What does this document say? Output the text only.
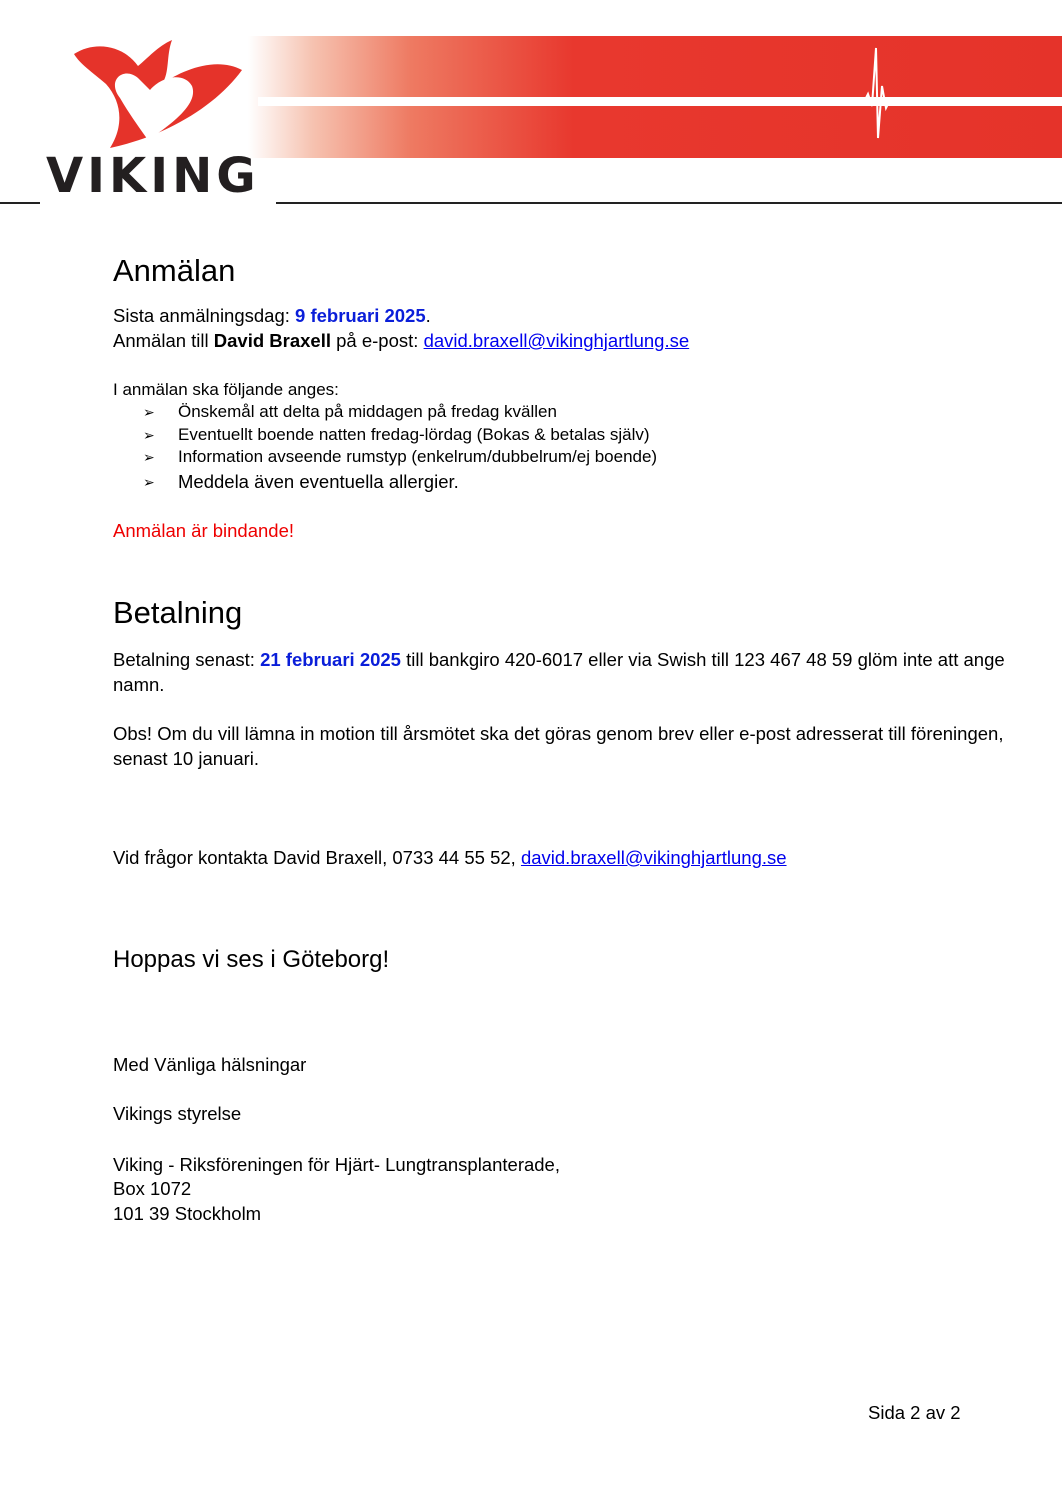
VIKING
Anmälan

Sista anmälningsdag: 9 februari 2025.

Anmälan till David Braxell på e-post: david.braxell@vikinghjartlung.se

I anmälan ska följande anges:

➢ Önskemål att delta på middagen på fredag kvällen
➢ Eventuellt boende natten fredag-lördag (Bokas & betalas själv)
➢ Information avseende rumstyp (enkelrum/dubbelrum/ej boende)
➢ Meddela även eventuella allergier.

Anmälan är bindande!

Betalning

Betalning senast: 21 februari 2025 till bankgiro 420-6017 eller via Swish till 123 467 48 59 glöm inte att ange namn.

Obs! Om du vill lämna in motion till årsmötet ska det göras genom brev eller e-post adresserat till föreningen, senast 10 januari.

Vid frågor kontakta David Braxell, 0733 44 55 52, david.braxell@vikinghjartlung.se

Hoppas vi ses i Göteborg!

Med Vänliga hälsningar

Vikings styrelse

Viking - Riksföreningen för Hjärt- Lungtransplanterade,

Box 1072

101 39 Stockholm

Sida 2 av 2
